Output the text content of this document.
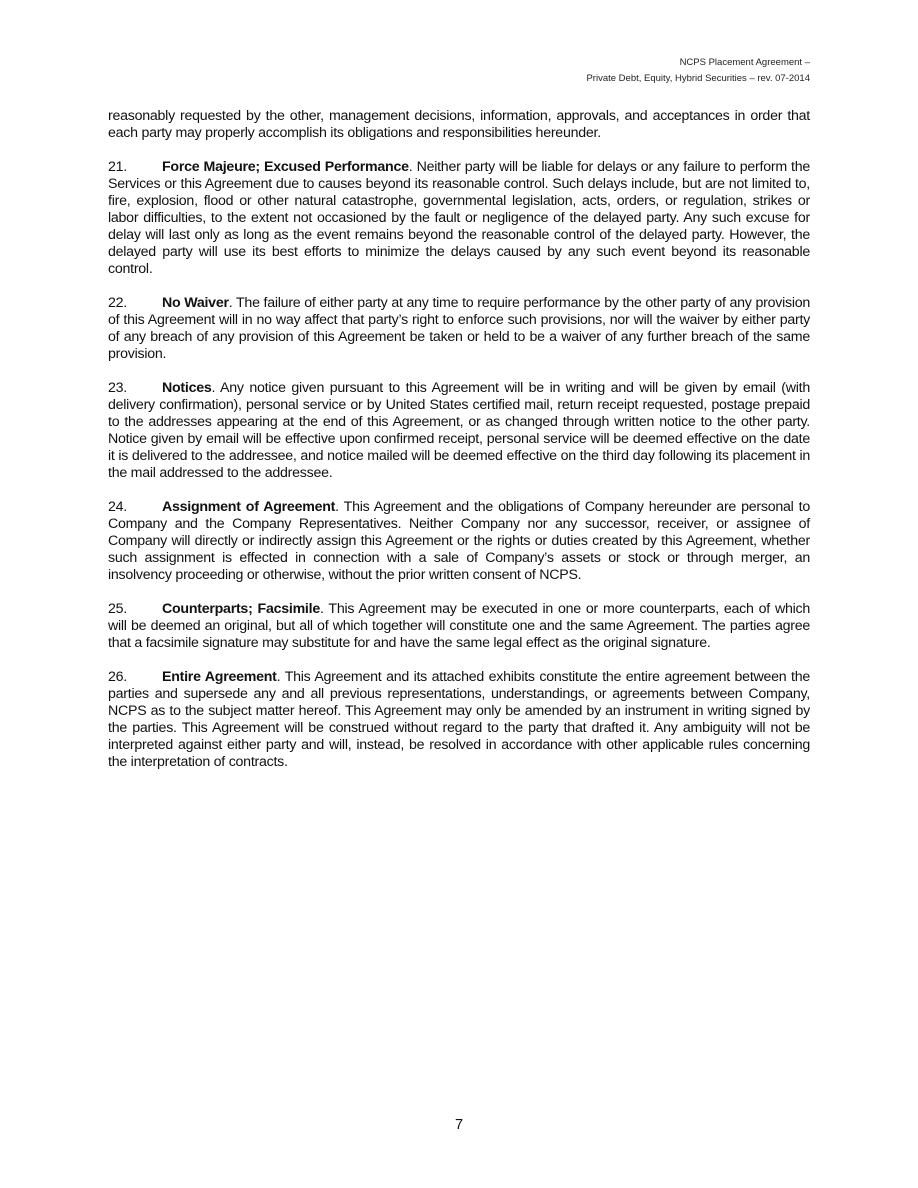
NCPS Placement Agreement –
Private Debt, Equity, Hybrid Securities – rev. 07-2014

reasonably requested by the other, management decisions, information, approvals, and acceptances in order that each party may properly accomplish its obligations and responsibilities hereunder.

21. Force Majeure; Excused Performance. Neither party will be liable for delays or any failure to perform the Services or this Agreement due to causes beyond its reasonable control. Such delays include, but are not limited to, fire, explosion, flood or other natural catastrophe, governmental legislation, acts, orders, or regulation, strikes or labor difficulties, to the extent not occasioned by the fault or negligence of the delayed party. Any such excuse for delay will last only as long as the event remains beyond the reasonable control of the delayed party. However, the delayed party will use its best efforts to minimize the delays caused by any such event beyond its reasonable control.

22. No Waiver. The failure of either party at any time to require performance by the other party of any provision of this Agreement will in no way affect that party’s right to enforce such provisions, nor will the waiver by either party of any breach of any provision of this Agreement be taken or held to be a waiver of any further breach of the same provision.

23. Notices. Any notice given pursuant to this Agreement will be in writing and will be given by email (with delivery confirmation), personal service or by United States certified mail, return receipt requested, postage prepaid to the addresses appearing at the end of this Agreement, or as changed through written notice to the other party. Notice given by email will be effective upon confirmed receipt, personal service will be deemed effective on the date it is delivered to the addressee, and notice mailed will be deemed effective on the third day following its placement in the mail addressed to the addressee.

24. Assignment of Agreement. This Agreement and the obligations of Company hereunder are personal to Company and the Company Representatives. Neither Company nor any successor, receiver, or assignee of Company will directly or indirectly assign this Agreement or the rights or duties created by this Agreement, whether such assignment is effected in connection with a sale of Company’s assets or stock or through merger, an insolvency proceeding or otherwise, without the prior written consent of NCPS.

25. Counterparts; Facsimile. This Agreement may be executed in one or more counterparts, each of which will be deemed an original, but all of which together will constitute one and the same Agreement. The parties agree that a facsimile signature may substitute for and have the same legal effect as the original signature.

26. Entire Agreement. This Agreement and its attached exhibits constitute the entire agreement between the parties and supersede any and all previous representations, understandings, or agreements between Company, NCPS as to the subject matter hereof. This Agreement may only be amended by an instrument in writing signed by the parties. This Agreement will be construed without regard to the party that drafted it. Any ambiguity will not be interpreted against either party and will, instead, be resolved in accordance with other applicable rules concerning the interpretation of contracts.

7
